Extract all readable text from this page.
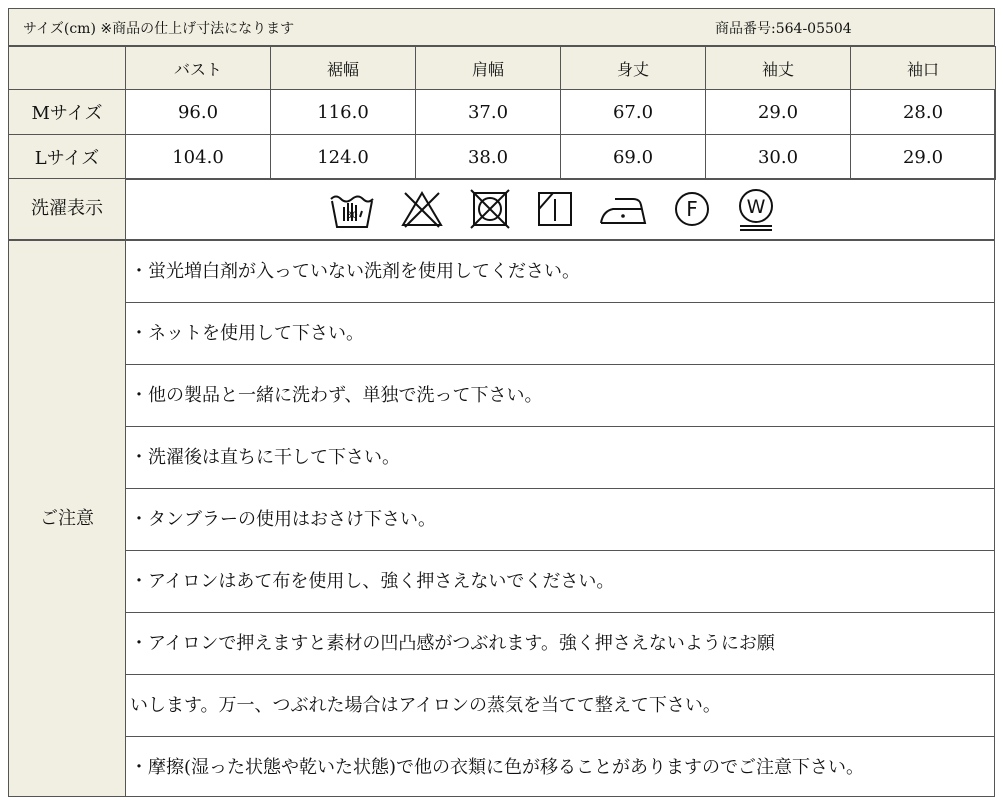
サイズ(cm) ※商品の仕上げ寸法になります	商品番号:564-05504
	バスト	裾幅	肩幅	身丈	袖丈	袖口
Mサイズ	96.0	116.0	37.0	67.0	29.0	28.0
Lサイズ	104.0	124.0	38.0	69.0	30.0	29.0
洗濯表示	30	F	W
ご注意
・蛍光増白剤が入っていない洗剤を使用してください。
・ネットを使用して下さい。
・他の製品と一緒に洗わず、単独で洗って下さい。
・洗濯後は直ちに干して下さい。
・タンブラーの使用はおさけ下さい。
・アイロンはあて布を使用し、強く押さえないでください。
・アイロンで押えますと素材の凹凸感がつぶれます。強く押さえないようにお願
いします。万一、つぶれた場合はアイロンの蒸気を当てて整えて下さい。
・摩擦(湿った状態や乾いた状態)で他の衣類に色が移ることがありますのでご注意下さい。
